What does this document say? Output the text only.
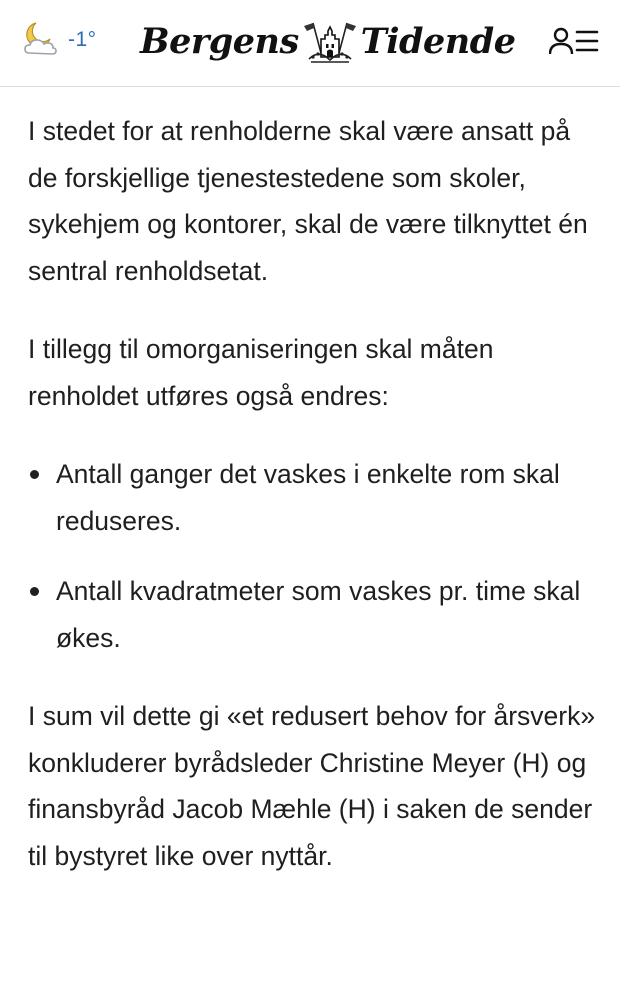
-1° Bergens Tidende

I stedet for at renholderne skal være ansatt på de forskjellige tjenestestedene som skoler, sykehjem og kontorer, skal de være tilknyttet én sentral renholdsetat.

I tillegg til omorganiseringen skal måten renholdet utføres også endres:

Antall ganger det vaskes i enkelte rom skal reduseres.
Antall kvadratmeter som vaskes pr. time skal økes.

I sum vil dette gi «et redusert behov for årsverk» konkluderer byrådsleder Christine Meyer (H) og finansbyråd Jacob Mæhle (H) i saken de sender til bystyret like over nyttår.
